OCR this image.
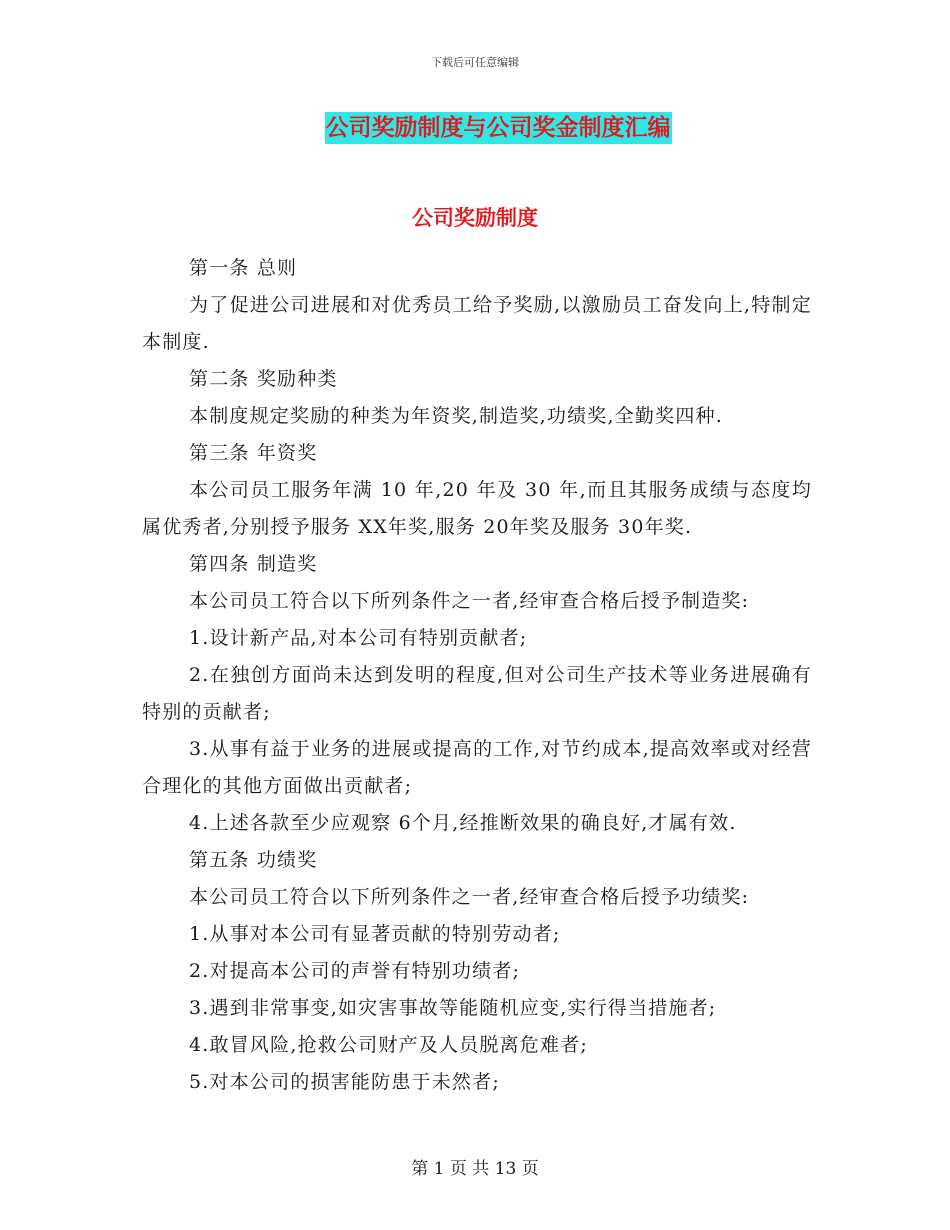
下载后可任意编辑
公司奖励制度与公司奖金制度汇编
公司奖励制度

第一条 总则

为了促进公司进展和对优秀员工给予奖励,以激励员工奋发向上,特制定本制度.

第二条 奖励种类

本制度规定奖励的种类为年资奖,制造奖,功绩奖,全勤奖四种.

第三条 年资奖

本公司员工服务年满 10 年,20 年及 30 年,而且其服务成绩与态度均属优秀者,分别授予服务 XX年奖,服务 20年奖及服务 30年奖.

第四条 制造奖

本公司员工符合以下所列条件之一者,经审查合格后授予制造奖:

1.设计新产品,对本公司有特别贡献者;

2.在独创方面尚未达到发明的程度,但对公司生产技术等业务进展确有特别的贡献者;

3.从事有益于业务的进展或提高的工作,对节约成本,提高效率或对经营合理化的其他方面做出贡献者;

4.上述各款至少应观察 6个月,经推断效果的确良好,才属有效.

第五条 功绩奖

本公司员工符合以下所列条件之一者,经审查合格后授予功绩奖:

1.从事对本公司有显著贡献的特别劳动者;

2.对提高本公司的声誉有特别功绩者;

3.遇到非常事变,如灾害事故等能随机应变,实行得当措施者;

4.敢冒风险,抢救公司财产及人员脱离危难者;

5.对本公司的损害能防患于未然者;

第 1 页 共 13 页
